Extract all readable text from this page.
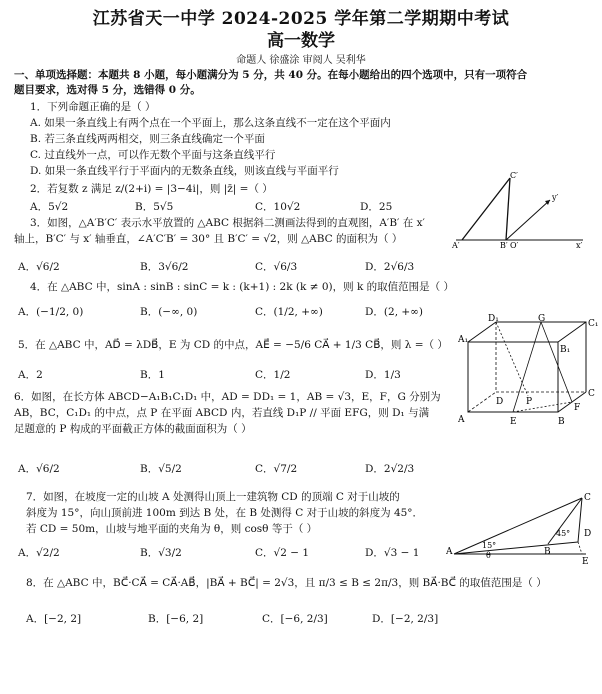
江苏省天一中学 2024-2025 学年第二学期期中考试
高一数学
命题人 徐盛涂 审阅人 吴利华
一、单项选择题：本题共 8 小题，每小题满分为 5 分，共 40 分。在每小题给出的四个选项中，只有一项符合
题目要求，选对得 5 分，选错得 0 分。
1．下列命题正确的是（ ）
A. 如果一条直线上有两个点在一个平面上，那么这条直线不一定在这个平面内
B. 若三条直线两两相交，则三条直线确定一个平面
C. 过直线外一点，可以作无数个平面与这条直线平行
D. 如果一条直线平行于平面内的无数条直线，则该直线与平面平行
2．若复数 z 满足 z/(2+i) = |3−4i|，则 |z̄| =（ ）
A．5√2	B．5√5	C．10√2	D．25
3．如图，△A′B′C′ 表示水平放置的 △ABC 根据斜二测画法得到的直观图，A′B′ 在 x′
轴上，B′C′ 与 x′ 轴垂直，∠A′C′B′ = 30° 且 B′C′ = √2，则 △ABC 的面积为（ ）
A．√6/2	B．3√6/2	C．√6/3	D．2√6/3
C′
y′
A′	B′ O′	x′
4．在 △ABC 中，sinA : sinB : sinC = k : (k+1) : 2k (k ≠ 0)，则 k 的取值范围是（ ）
A．(−1/2, 0)	B．(−∞, 0)	C．(1/2, +∞)	D．(2, +∞)
5．在 △ABC 中，AD⃗ = λDB⃗，E 为 CD 的中点，AE⃗ = −5/6 CA⃗ + 1/3 CB⃗，则 λ =（ ）
A．2	B．1	C．1/2	D．1/3
D₁	G	C₁
A₁
B₁
D	P
C
A	E	B
F
6．如图，在长方体 ABCD−A₁B₁C₁D₁ 中，AD = DD₁ = 1，AB = √3，E，F，G 分别为
AB，BC，C₁D₁ 的中点，点 P 在平面 ABCD 内，若直线 D₁P // 平面 EFG，则 D₁ 与满
足题意的 P 构成的平面截正方体的截面面积为（ ）
A．√6/2	B．√5/2	C．√7/2	D．2√2/3
7．如图，在坡度一定的山坡 A 处测得山顶上一建筑物 CD 的顶端 C 对于山坡的
斜度为 15°，向山顶前进 100m 到达 B 处，在 B 处测得 C 对于山坡的斜度为 45°．
若 CD = 50m，山坡与地平面的夹角为 θ，则 cosθ 等于（ ）
A．√2/2	B．√3/2	C．√2 − 1	D．√3 − 1
C
D
45°
15°
θ
A	B
E
8．在 △ABC 中，BC⃗·CA⃗ = CA⃗·AB⃗，|BA⃗ + BC⃗| = 2√3，且 π/3 ≤ B ≤ 2π/3，则 BA⃗·BC⃗ 的取值范围是（ ）
A．[−2, 2]	B．[−6, 2]	C．[−6, 2/3]	D．[−2, 2/3]
